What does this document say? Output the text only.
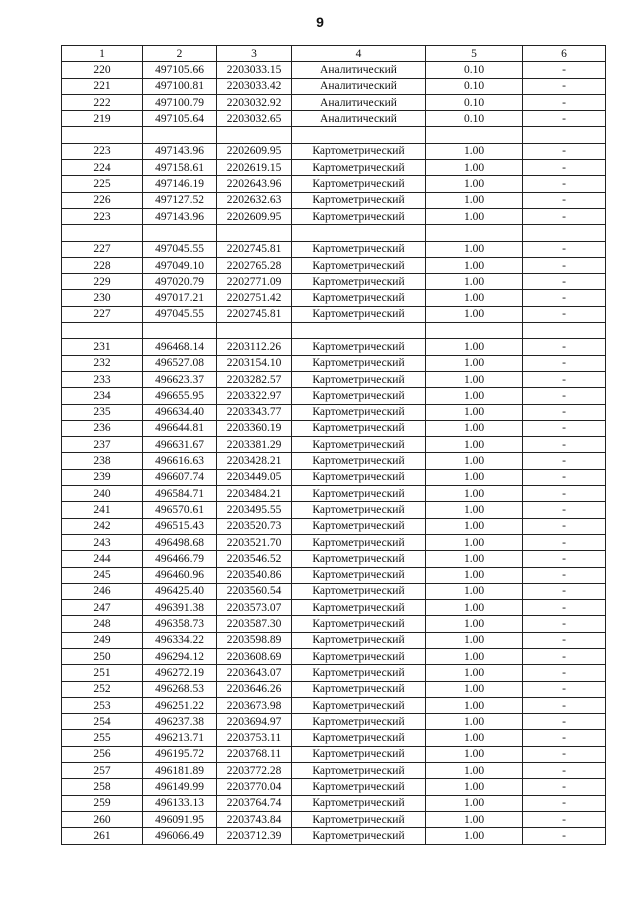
9
1	2	3	4	5	6
220	497105.66	2203033.15	Аналитический	0.10	-
221	497100.81	2203033.42	Аналитический	0.10	-
222	497100.79	2203032.92	Аналитический	0.10	-
219	497105.64	2203032.65	Аналитический	0.10	-

223	497143.96	2202609.95	Картометрический	1.00	-
224	497158.61	2202619.15	Картометрический	1.00	-
225	497146.19	2202643.96	Картометрический	1.00	-
226	497127.52	2202632.63	Картометрический	1.00	-
223	497143.96	2202609.95	Картометрический	1.00	-

227	497045.55	2202745.81	Картометрический	1.00	-
228	497049.10	2202765.28	Картометрический	1.00	-
229	497020.79	2202771.09	Картометрический	1.00	-
230	497017.21	2202751.42	Картометрический	1.00	-
227	497045.55	2202745.81	Картометрический	1.00	-

231	496468.14	2203112.26	Картометрический	1.00	-
232	496527.08	2203154.10	Картометрический	1.00	-
233	496623.37	2203282.57	Картометрический	1.00	-
234	496655.95	2203322.97	Картометрический	1.00	-
235	496634.40	2203343.77	Картометрический	1.00	-
236	496644.81	2203360.19	Картометрический	1.00	-
237	496631.67	2203381.29	Картометрический	1.00	-
238	496616.63	2203428.21	Картометрический	1.00	-
239	496607.74	2203449.05	Картометрический	1.00	-
240	496584.71	2203484.21	Картометрический	1.00	-
241	496570.61	2203495.55	Картометрический	1.00	-
242	496515.43	2203520.73	Картометрический	1.00	-
243	496498.68	2203521.70	Картометрический	1.00	-
244	496466.79	2203546.52	Картометрический	1.00	-
245	496460.96	2203540.86	Картометрический	1.00	-
246	496425.40	2203560.54	Картометрический	1.00	-
247	496391.38	2203573.07	Картометрический	1.00	-
248	496358.73	2203587.30	Картометрический	1.00	-
249	496334.22	2203598.89	Картометрический	1.00	-
250	496294.12	2203608.69	Картометрический	1.00	-
251	496272.19	2203643.07	Картометрический	1.00	-
252	496268.53	2203646.26	Картометрический	1.00	-
253	496251.22	2203673.98	Картометрический	1.00	-
254	496237.38	2203694.97	Картометрический	1.00	-
255	496213.71	2203753.11	Картометрический	1.00	-
256	496195.72	2203768.11	Картометрический	1.00	-
257	496181.89	2203772.28	Картометрический	1.00	-
258	496149.99	2203770.04	Картометрический	1.00	-
259	496133.13	2203764.74	Картометрический	1.00	-
260	496091.95	2203743.84	Картометрический	1.00	-
261	496066.49	2203712.39	Картометрический	1.00	-
